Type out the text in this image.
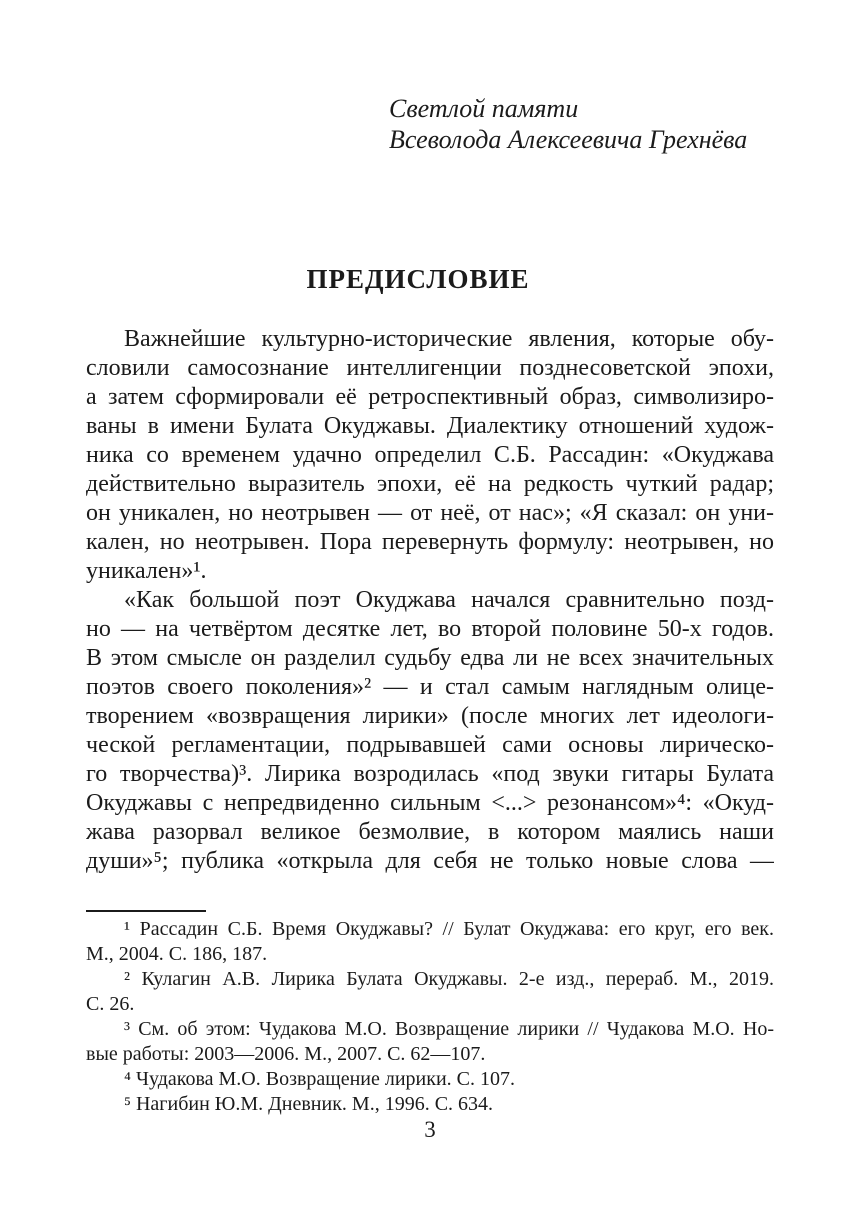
Светлой памяти
Всеволода Алексеевича Грехнёва
ПРЕДИСЛОВИЕ
Важнейшие культурно-исторические явления, которые обу-
словили самосознание интеллигенции позднесоветской эпохи,
а затем сформировали её ретроспективный образ, символизиро-
ваны в имени Булата Окуджавы. Диалектику отношений худож-
ника со временем удачно определил С.Б. Рассадин: «Окуджава
действительно выразитель эпохи, её на редкость чуткий радар;
он уникален, но неотрывен — от неё, от нас»; «Я сказал: он уни-
кален, но неотрывен. Пора перевернуть формулу: неотрывен, но
уникален»¹.
«Как большой поэт Окуджава начался сравнительно позд-
но — на четвёртом десятке лет, во второй половине 50-х годов.
В этом смысле он разделил судьбу едва ли не всех значительных
поэтов своего поколения»² — и стал самым наглядным олице-
творением «возвращения лирики» (после многих лет идеологи-
ческой регламентации, подрывавшей сами основы лирическо-
го творчества)³. Лирика возродилась «под звуки гитары Булата
Окуджавы с непредвиденно сильным <...> резонансом»⁴: «Окуд-
жава разорвал великое безмолвие, в котором маялись наши
души»⁵; публика «открыла для себя не только новые слова —
¹ Рассадин С.Б. Время Окуджавы? // Булат Окуджава: его круг, его век.
М., 2004. С. 186, 187.
² Кулагин А.В. Лирика Булата Окуджавы. 2-е изд., перераб. М., 2019.
С. 26.
³ См. об этом: Чудакова М.О. Возвращение лирики // Чудакова М.О. Но-
вые работы: 2003—2006. М., 2007. С. 62—107.
⁴ Чудакова М.О. Возвращение лирики. С. 107.
⁵ Нагибин Ю.М. Дневник. М., 1996. С. 634.
3
